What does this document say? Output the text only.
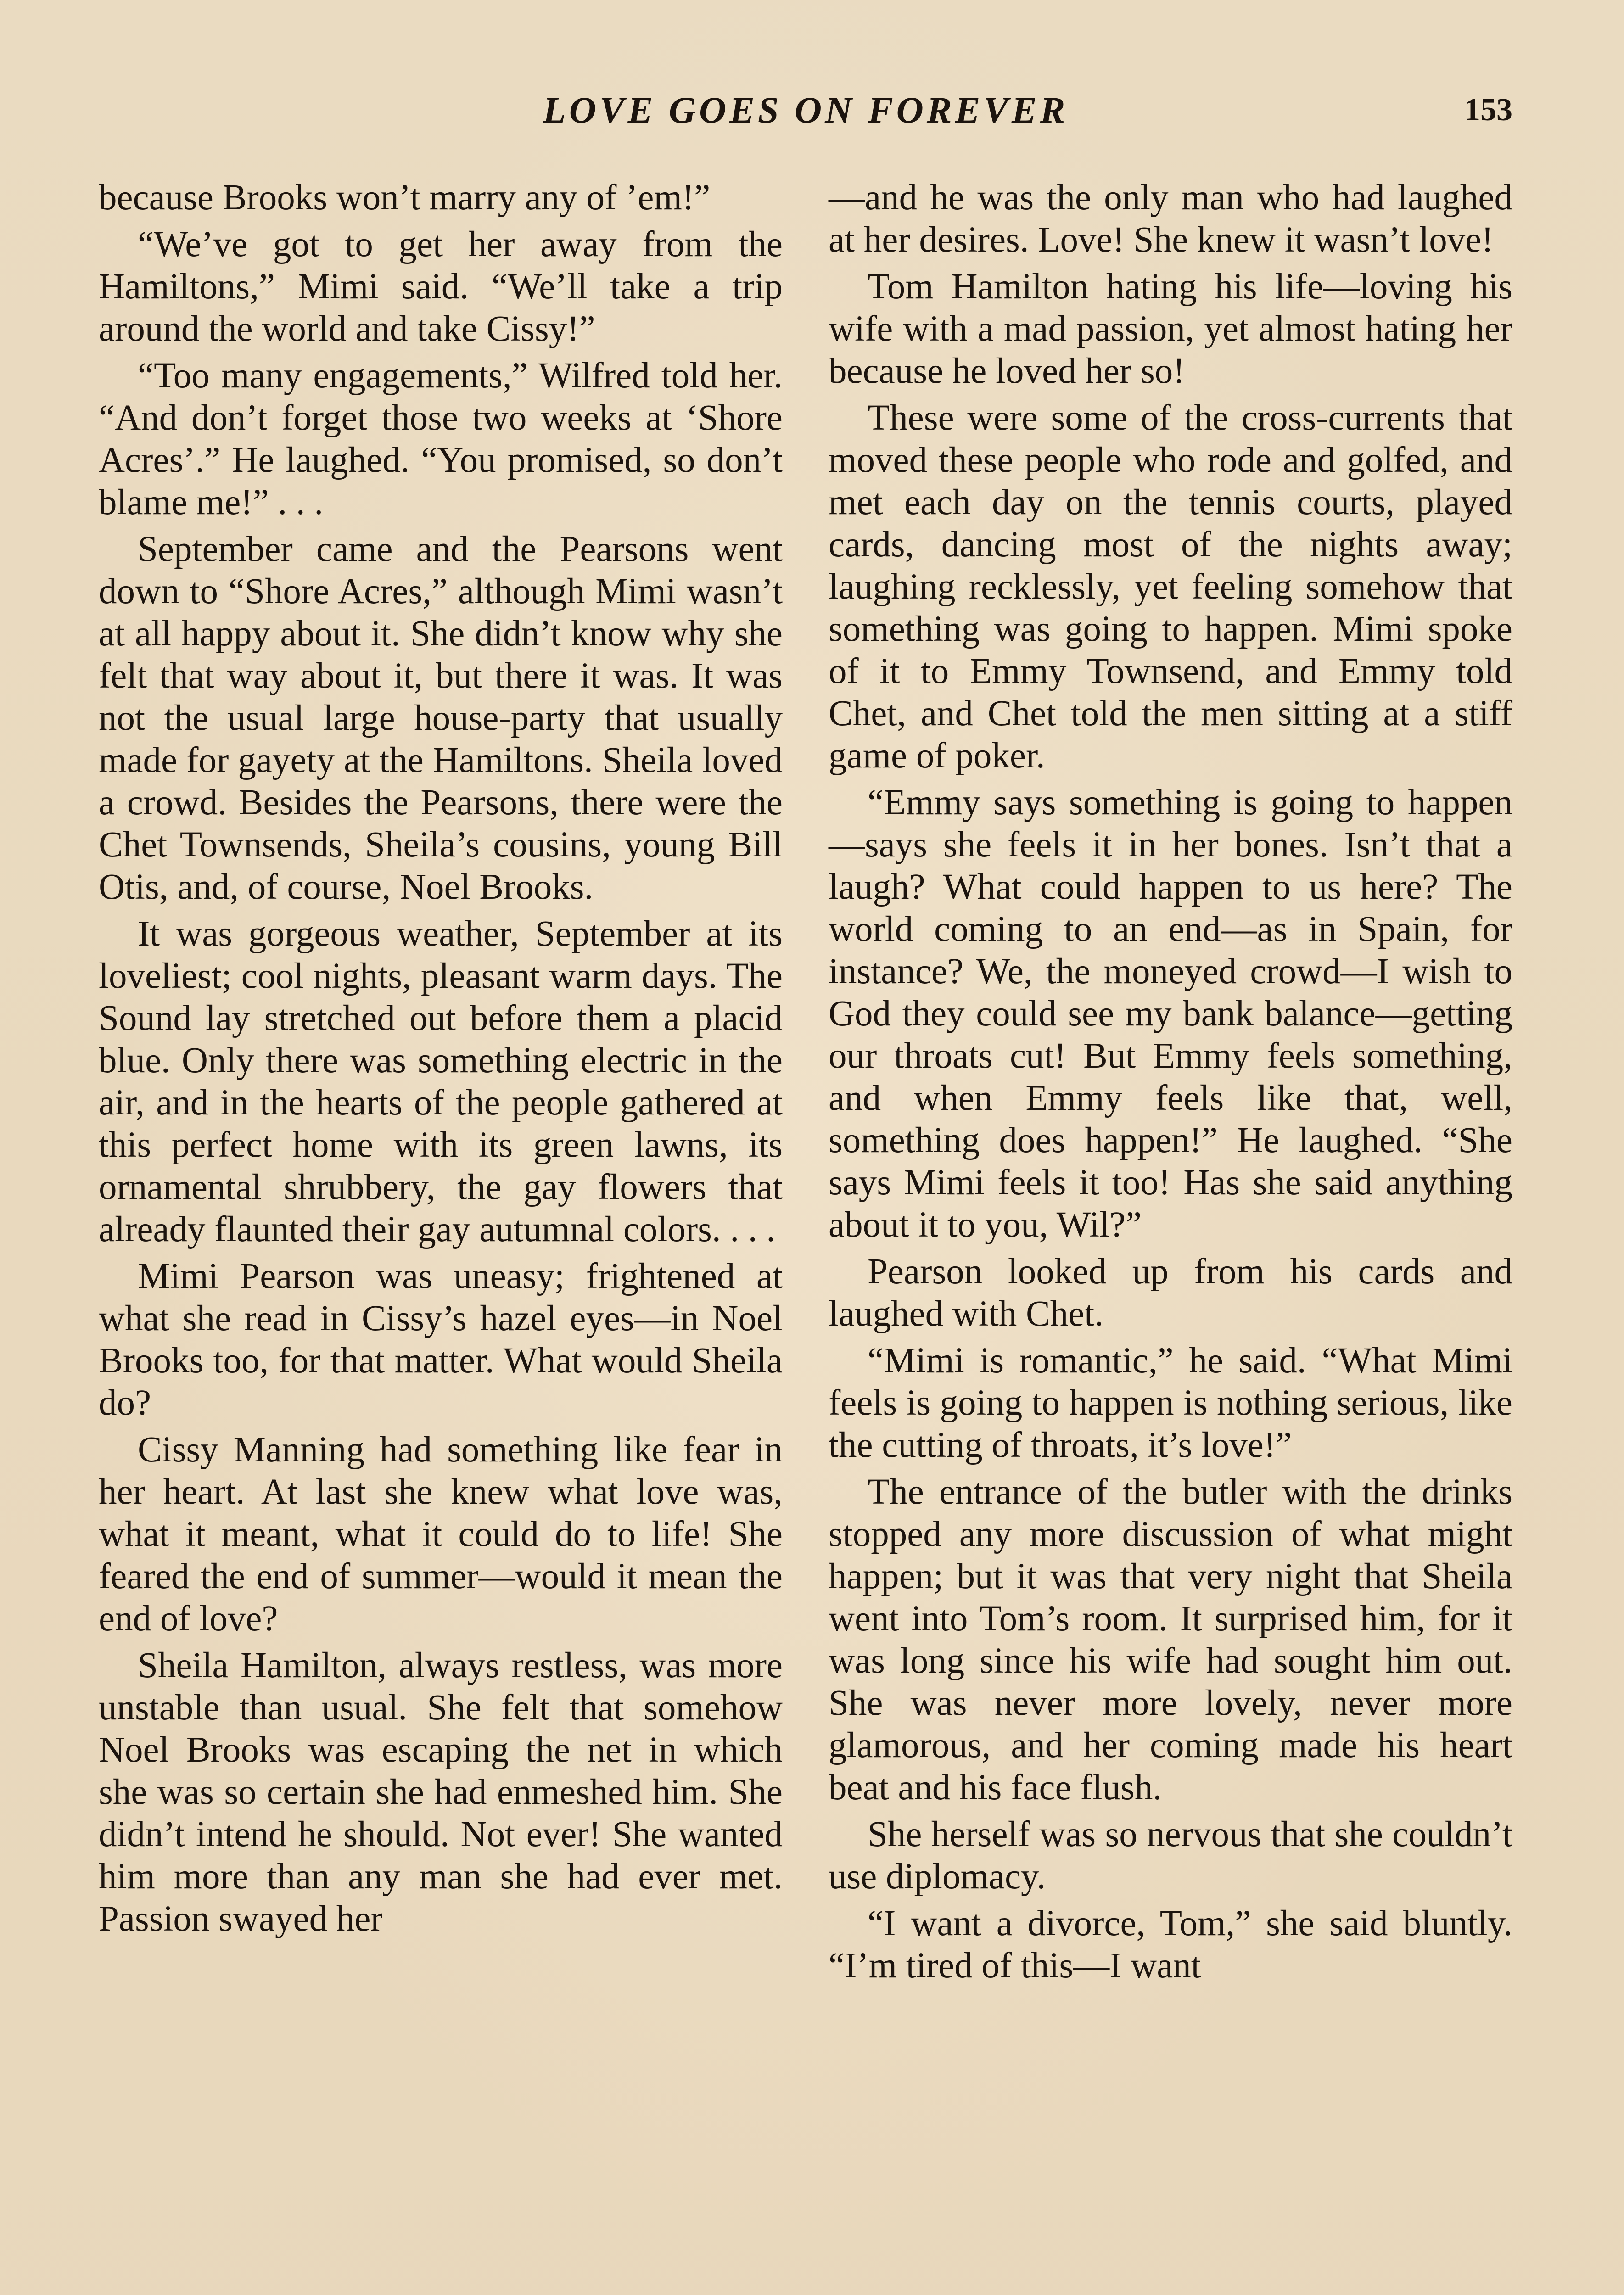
LOVE GOES ON FOREVER	153

because Brooks won’t marry any of ’em!”

“We’ve got to get her away from the Hamiltons,” Mimi said. “We’ll take a trip around the world and take Cissy!”

“Too many engagements,” Wilfred told her. “And don’t forget those two weeks at ‘Shore Acres’.” He laughed. “You promised, so don’t blame me!” . . .

September came and the Pearsons went down to “Shore Acres,” although Mimi wasn’t at all happy about it. She didn’t know why she felt that way about it, but there it was. It was not the usual large house-party that usually made for gayety at the Hamiltons. Sheila loved a crowd. Besides the Pearsons, there were the Chet Townsends, Sheila’s cousins, young Bill Otis, and, of course, Noel Brooks.

It was gorgeous weather, September at its loveliest; cool nights, pleasant warm days. The Sound lay stretched out before them a placid blue. Only there was something electric in the air, and in the hearts of the people gathered at this perfect home with its green lawns, its ornamental shrubbery, the gay flowers that already flaunted their gay autumnal colors. . . .

Mimi Pearson was uneasy; frightened at what she read in Cissy’s hazel eyes—in Noel Brooks too, for that matter. What would Sheila do?

Cissy Manning had something like fear in her heart. At last she knew what love was, what it meant, what it could do to life! She feared the end of summer—would it mean the end of love?

Sheila Hamilton, always restless, was more unstable than usual. She felt that somehow Noel Brooks was escaping the net in which she was so certain she had enmeshed him. She didn’t intend he should. Not ever! She wanted him more than any man she had ever met. Passion swayed her

—and he was the only man who had laughed at her desires. Love! She knew it wasn’t love!

Tom Hamilton hating his life—loving his wife with a mad passion, yet almost hating her because he loved her so!

These were some of the cross-currents that moved these people who rode and golfed, and met each day on the tennis courts, played cards, dancing most of the nights away; laughing recklessly, yet feeling somehow that something was going to happen. Mimi spoke of it to Emmy Townsend, and Emmy told Chet, and Chet told the men sitting at a stiff game of poker.

“Emmy says something is going to happen—says she feels it in her bones. Isn’t that a laugh? What could happen to us here? The world coming to an end—as in Spain, for instance? We, the moneyed crowd—I wish to God they could see my bank balance—getting our throats cut! But Emmy feels something, and when Emmy feels like that, well, something does happen!” He laughed. “She says Mimi feels it too! Has she said anything about it to you, Wil?”

Pearson looked up from his cards and laughed with Chet.

“Mimi is romantic,” he said. “What Mimi feels is going to happen is nothing serious, like the cutting of throats, it’s love!”

The entrance of the butler with the drinks stopped any more discussion of what might happen; but it was that very night that Sheila went into Tom’s room. It surprised him, for it was long since his wife had sought him out. She was never more lovely, never more glamorous, and her coming made his heart beat and his face flush.

She herself was so nervous that she couldn’t use diplomacy.

“I want a divorce, Tom,” she said bluntly. “I’m tired of this—I want
